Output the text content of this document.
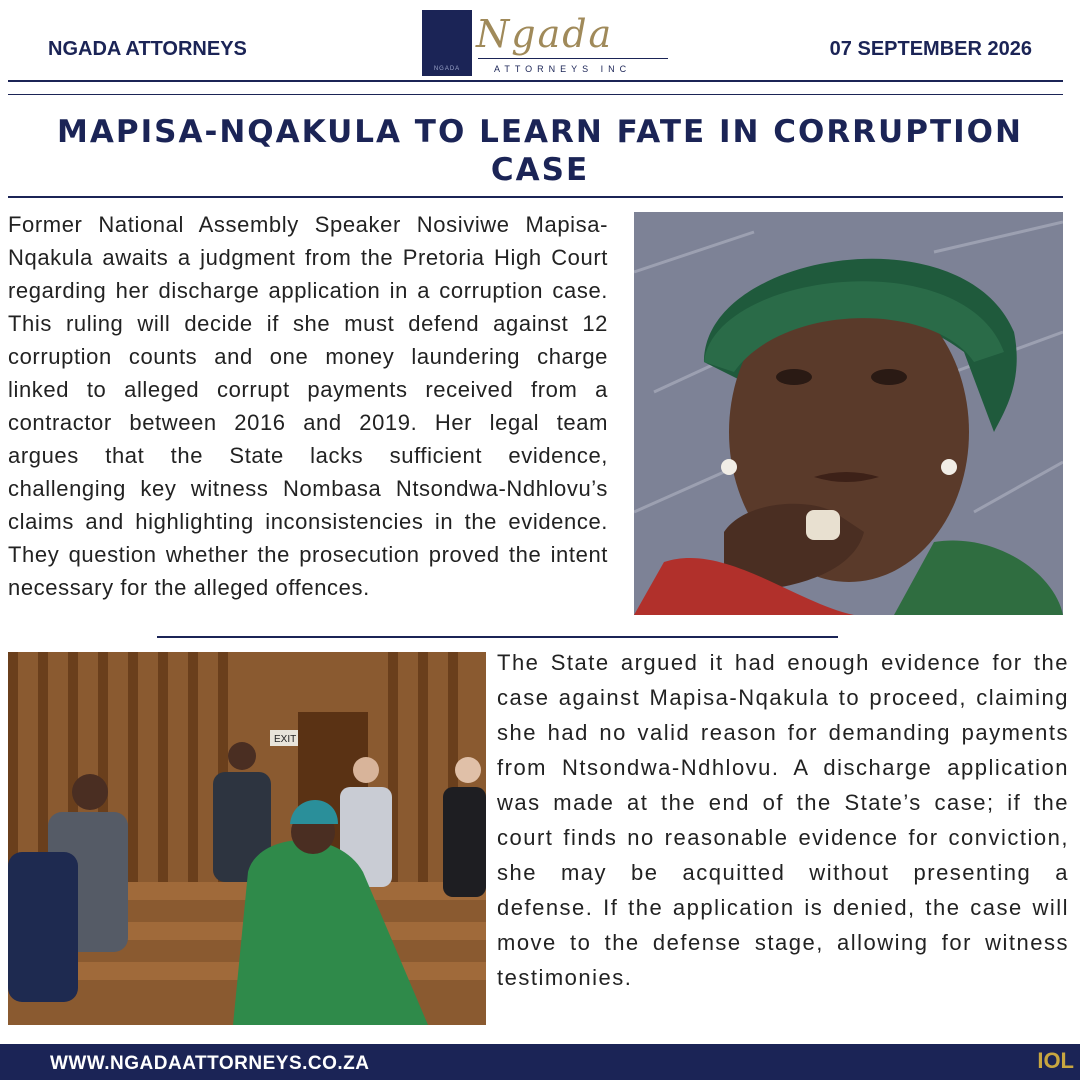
NGADA ATTORNEYS
NGADA
Ngada
ATTORNEYS INC
07 SEPTEMBER 2026
MAPISA-NQAKULA TO LEARN FATE IN CORRUPTION CASE

Former National Assembly Speaker Nosiviwe Mapisa-Nqakula awaits a judgment from the Pretoria High Court regarding her discharge application in a corruption case. This ruling will decide if she must defend against 12 corruption counts and one money laundering charge linked to alleged corrupt payments received from a contractor between 2016 and 2019. Her legal team argues that the State lacks sufficient evidence, challenging key witness Nombasa Ntsondwa-Ndhlovu’s claims and highlighting inconsistencies in the evidence. They question whether the prosecution proved the intent necessary for the alleged offences.

EXIT

The State argued it had enough evidence for the case against Mapisa-Nqakula to proceed, claiming she had no valid reason for demanding payments from Ntsondwa-Ndhlovu. A discharge application was made at the end of the State’s case; if the court finds no reasonable evidence for conviction, she may be acquitted without presenting a defense. If the application is denied, the case will move to the defense stage, allowing for witness testimonies.

WWW.NGADAATTORNEYS.CO.ZA	IOL
